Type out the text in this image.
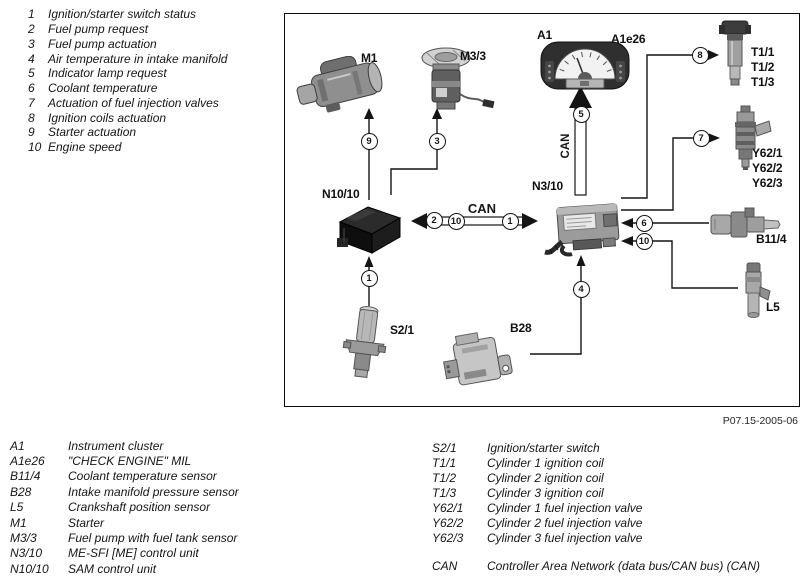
1	Ignition/starter switch status
2	Fuel pump request
3	Fuel pump actuation
4	Air temperature in intake manifold
5	Indicator lamp request
6	Coolant temperature
7	Actuation of fuel injection valves
8	Ignition coils actuation
9	Starter actuation
10 Engine speed
M1	M3/3
A1	A1e26
N10/10
N3/10
S2/1	B28
T1/1
T1/2
T1/3
Y62/1
Y62/2
Y62/3
B11/4
L5
CAN
CAN
9	3
1
2	10	1
5
8
7
6
10
4
P07.15-2005-06
A1	Instrument cluster
A1e26	"CHECK ENGINE" MIL
B11/4	Coolant temperature sensor
B28	Intake manifold pressure sensor
L5	Crankshaft position sensor
M1	Starter
M3/3	Fuel pump with fuel tank sensor
N3/10	ME-SFI [ME] control unit
N10/10	SAM control unit
S2/1	Ignition/starter switch
T1/1	Cylinder 1 ignition coil
T1/2	Cylinder 2 ignition coil
T1/3	Cylinder 3 ignition coil
Y62/1	Cylinder 1 fuel injection valve
Y62/2	Cylinder 2 fuel injection valve
Y62/3	Cylinder 3 fuel injection valve
CAN	Controller Area Network (data bus/CAN bus) (CAN)
